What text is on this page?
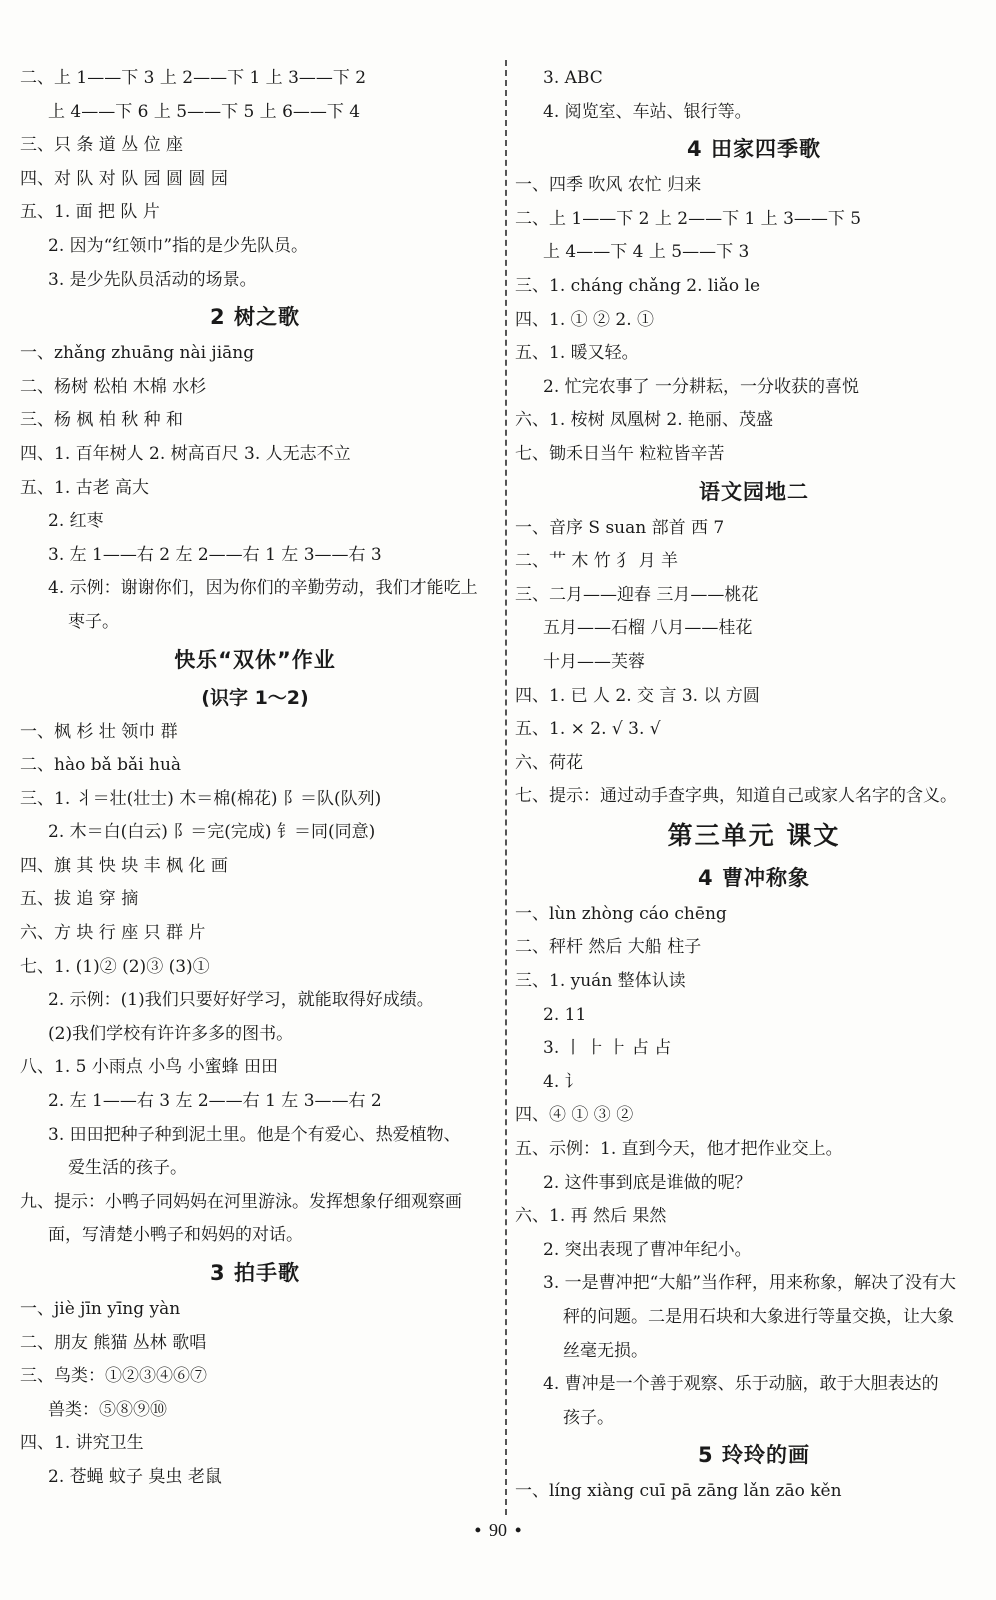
二、上 1——下 3 上 2——下 1 上 3——下 2
上 4——下 6 上 5——下 5 上 6——下 4
三、只 条 道 丛 位 座
四、对 队 对 队 园 圆 圆 园
五、1. 面 把 队 片
2. 因为“红领巾”指的是少先队员。
3. 是少先队员活动的场景。
2 树之歌
一、zhǎng zhuāng nài jiāng
二、杨树 松柏 木棉 水杉
三、杨 枫 柏 秋 种 和
四、1. 百年树人 2. 树高百尺 3. 人无志不立
五、1. 古老 高大
2. 红枣
3. 左 1——右 2 左 2——右 1 左 3——右 3
4. 示例：谢谢你们，因为你们的辛勤劳动，我们才能吃上
枣子。
快乐“双休”作业
(识字 1～2)
一、枫 杉 壮 领巾 群
二、hào bǎ bǎi huà
三、1. 丬＝壮(壮士) 木＝棉(棉花) 阝＝队(队列)
2. 木＝白(白云) 阝＝完(完成) 钅＝同(同意)
四、旗 其 快 块 丰 枫 化 画
五、拔 追 穿 摘
六、方 块 行 座 只 群 片
七、1. (1)② (2)③ (3)①
2. 示例：(1)我们只要好好学习，就能取得好成绩。
(2)我们学校有许许多多的图书。
八、1. 5 小雨点 小鸟 小蜜蜂 田田
2. 左 1——右 3 左 2——右 1 左 3——右 2
3. 田田把种子种到泥土里。他是个有爱心、热爱植物、
爱生活的孩子。
九、提示：小鸭子同妈妈在河里游泳。发挥想象仔细观察画
面，写清楚小鸭子和妈妈的对话。
3 拍手歌
一、jiè jīn yīng yàn
二、朋友 熊猫 丛林 歌唱
三、鸟类：①②③④⑥⑦
兽类：⑤⑧⑨⑩
四、1. 讲究卫生
2. 苍蝇 蚊子 臭虫 老鼠
3. ABC
4. 阅览室、车站、银行等。
4 田家四季歌
一、四季 吹风 农忙 归来
二、上 1——下 2 上 2——下 1 上 3——下 5
上 4——下 4 上 5——下 3
三、1. cháng chǎng 2. liǎo le
四、1. ① ② 2. ①
五、1. 暖又轻。
2. 忙完农事了 一分耕耘，一分收获的喜悦
六、1. 桉树 凤凰树 2. 艳丽、茂盛
七、锄禾日当午 粒粒皆辛苦
语文园地二
一、音序 S suan 部首 西 7
二、艹 木 竹 犭 月 羊
三、二月——迎春 三月——桃花
五月——石榴 八月——桂花
十月——芙蓉
四、1. 已 人 2. 交 言 3. 以 方圆
五、1. × 2. √ 3. √
六、荷花
七、提示：通过动手查字典，知道自己或家人名字的含义。
第三单元 课文
4 曹冲称象
一、lùn zhòng cáo chēng
二、秤杆 然后 大船 柱子
三、1. yuán 整体认读
2. 11
3. 丨 ⺊ ⺊ 占 占
4. 讠
四、④ ① ③ ②
五、示例：1. 直到今天，他才把作业交上。
2. 这件事到底是谁做的呢？
六、1. 再 然后 果然
2. 突出表现了曹冲年纪小。
3. 一是曹冲把“大船”当作秤，用来称象，解决了没有大
秤的问题。二是用石块和大象进行等量交换，让大象
丝毫无损。
4. 曹冲是一个善于观察、乐于动脑，敢于大胆表达的
孩子。
5 玲玲的画
一、líng xiàng cuī pā zāng lǎn zāo kěn
• 90 •
